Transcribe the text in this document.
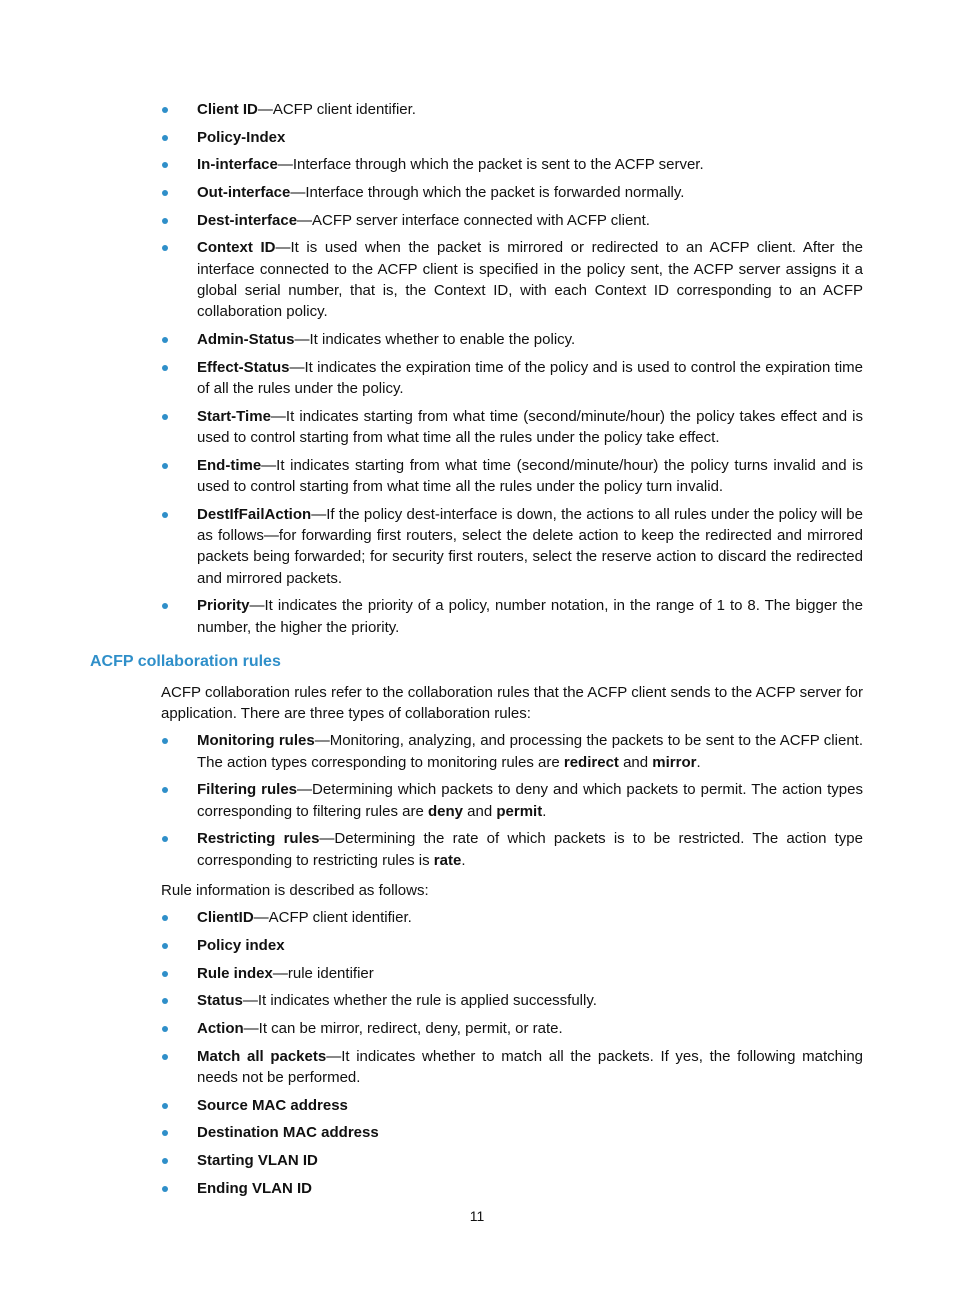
Client ID—ACFP client identifier.
Policy-Index
In-interface—Interface through which the packet is sent to the ACFP server.
Out-interface—Interface through which the packet is forwarded normally.
Dest-interface—ACFP server interface connected with ACFP client.
Context ID—It is used when the packet is mirrored or redirected to an ACFP client. After the interface connected to the ACFP client is specified in the policy sent, the ACFP server assigns it a global serial number, that is, the Context ID, with each Context ID corresponding to an ACFP collaboration policy.
Admin-Status—It indicates whether to enable the policy.
Effect-Status—It indicates the expiration time of the policy and is used to control the expiration time of all the rules under the policy.
Start-Time—It indicates starting from what time (second/minute/hour) the policy takes effect and is used to control starting from what time all the rules under the policy take effect.
End-time—It indicates starting from what time (second/minute/hour) the policy turns invalid and is used to control starting from what time all the rules under the policy turn invalid.
DestIfFailAction—If the policy dest-interface is down, the actions to all rules under the policy will be as follows—for forwarding first routers, select the delete action to keep the redirected and mirrored packets being forwarded; for security first routers, select the reserve action to discard the redirected and mirrored packets.
Priority—It indicates the priority of a policy, number notation, in the range of 1 to 8. The bigger the number, the higher the priority.
ACFP collaboration rules

ACFP collaboration rules refer to the collaboration rules that the ACFP client sends to the ACFP server for application. There are three types of collaboration rules:

Monitoring rules—Monitoring, analyzing, and processing the packets to be sent to the ACFP client. The action types corresponding to monitoring rules are redirect and mirror.
Filtering rules—Determining which packets to deny and which packets to permit. The action types corresponding to filtering rules are deny and permit.
Restricting rules—Determining the rate of which packets is to be restricted. The action type corresponding to restricting rules is rate.

Rule information is described as follows:

ClientID—ACFP client identifier.
Policy index
Rule index—rule identifier
Status—It indicates whether the rule is applied successfully.
Action—It can be mirror, redirect, deny, permit, or rate.
Match all packets—It indicates whether to match all the packets. If yes, the following matching needs not be performed.
Source MAC address
Destination MAC address
Starting VLAN ID
Ending VLAN ID
11
